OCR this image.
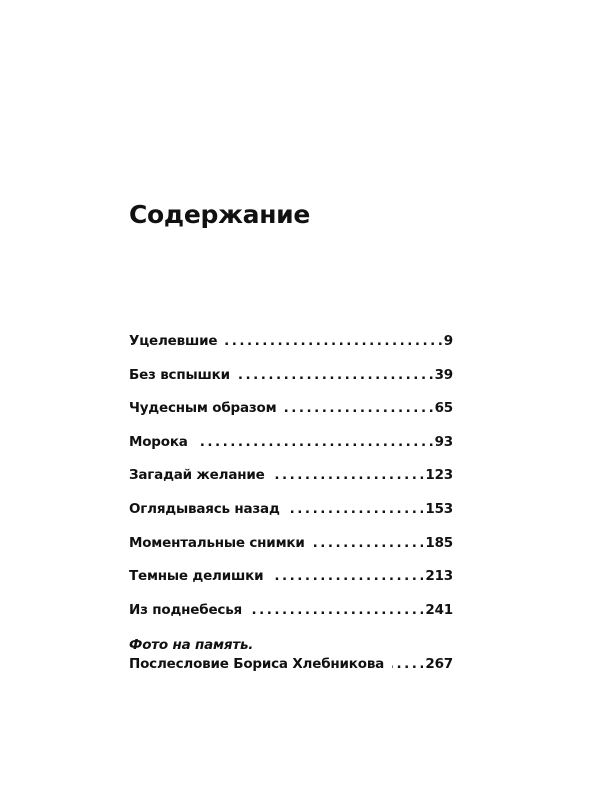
Содержание
Уцелевшие . . .	9
Без вспышки . . .	39
Чудесным образом . . .	65
Морока . . .	93
Загадай желание . . .	123
Оглядываясь назад . . .	153
Моментальные снимки . . .	185
Темные делишки . . .	213
Из поднебесья . . .	241
Фото на память.
Послесловие Бориса Хлебникова . . .	267
